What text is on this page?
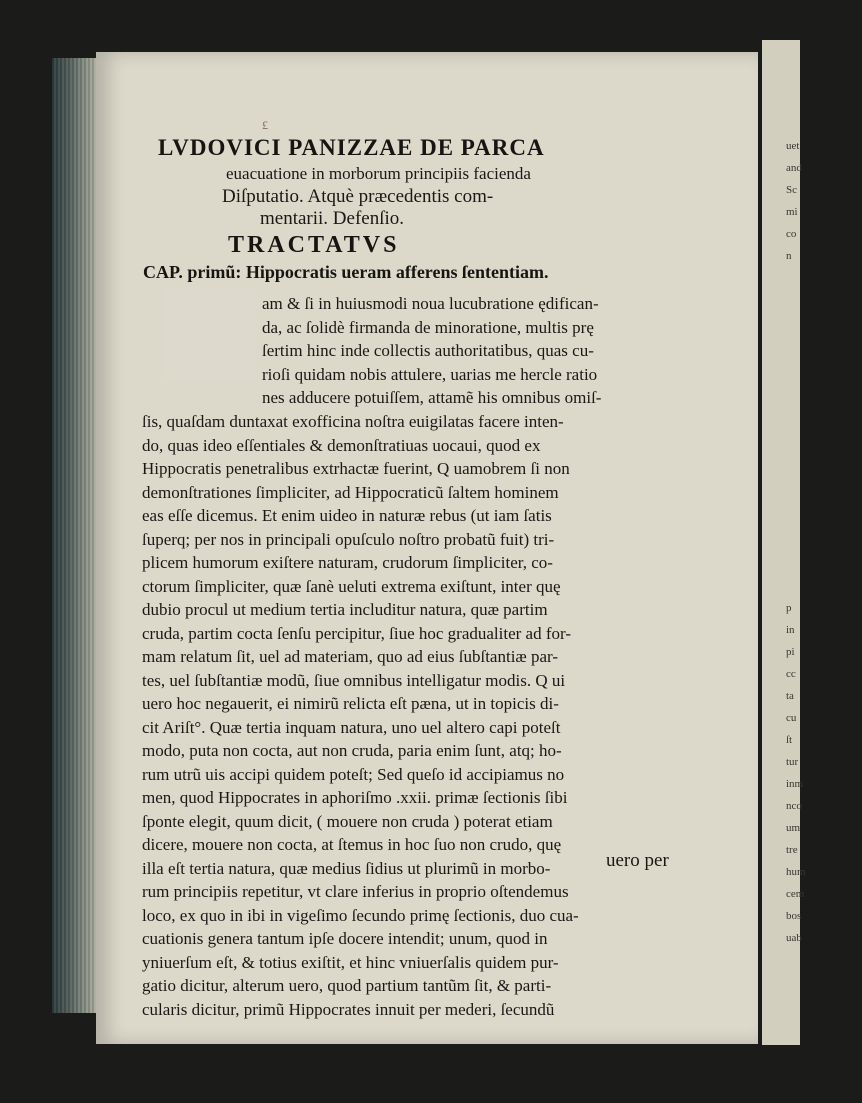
uet
and
Sc
mi
co
n
p
in
pi
cc
ta
cu
ſt
tur
inm
nco
um
tre
hum
cem
bos
uab
£
LVDOVICI PANIZZAE DE PARCA
euacuatione in morborum principiis facienda
Diſputatio. Atquè præcedentis com-
mentarii. Defenſio.
TRACTATVS
CAP. primũ: Hippocratis ueram afferens ſententiam.
am & ſi in huiusmodi noua lucubratione ędifican-
da, ac ſolidè firmanda de minoratione, multis prę
ſertim hinc inde collectis authoritatibus, quas cu-
rioſi quidam nobis attulere, uarias me hercle ratio
nes adducere potuiſſem, attamẽ his omnibus omiſ-
ſis, quaſdam duntaxat exofficina noſtra euigilatas facere inten-
do, quas ideo eſſentiales & demonſtratiuas uocaui, quod ex
Hippocratis penetralibus extrhactæ fuerint, Q uamobrem ſi non
demonſtrationes ſimpliciter, ad Hippocraticũ ſaltem hominem
eas eſſe dicemus. Et enim uideo in naturæ rebus (ut iam ſatis
ſuperq; per nos in principali opuſculo noſtro probatũ fuit) tri-
plicem humorum exiſtere naturam, crudorum ſimpliciter, co-
ctorum ſimpliciter, quæ ſanè ueluti extrema exiſtunt, inter quę
dubio procul ut medium tertia includitur natura, quæ partim
cruda, partim cocta ſenſu percipitur, ſiue hoc gradualiter ad for-
mam relatum ſit, uel ad materiam, quo ad eius ſubſtantiæ par-
tes, uel ſubſtantiæ modũ, ſiue omnibus intelligatur modis. Q ui
uero hoc negauerit, ei nimirũ relicta eſt pæna, ut in topicis di-
cit Ariſt°. Quæ tertia inquam natura, uno uel altero capi poteſt
modo, puta non cocta, aut non cruda, paria enim ſunt, atq; ho-
rum utrũ uis accipi quidem poteſt; Sed queſo id accipiamus no
men, quod Hippocrates in aphoriſmo .xxii. primæ ſectionis ſibi
ſponte elegit, quum dicit, ( mouere non cruda ) poterat etiam
dicere, mouere non cocta, at ſtemus in hoc ſuo non crudo, quę
illa eſt tertia natura, quæ medius ſidius ut plurimũ in morbo-
rum principiis repetitur, vt clare inferius in proprio oſtendemus
loco, ex quo in ibi in vigeſimo ſecundo primę ſectionis, duo cua-
cuationis genera tantum ipſe docere intendit; unum, quod in
yniuerſum eſt, & totius exiſtit, et hinc vniuerſalis quidem pur-
gatio dicitur, alterum uero, quod partium tantũm ſit, & parti-
cularis dicitur, primũ Hippocrates innuit per mederi, ſecundũ
uero per
